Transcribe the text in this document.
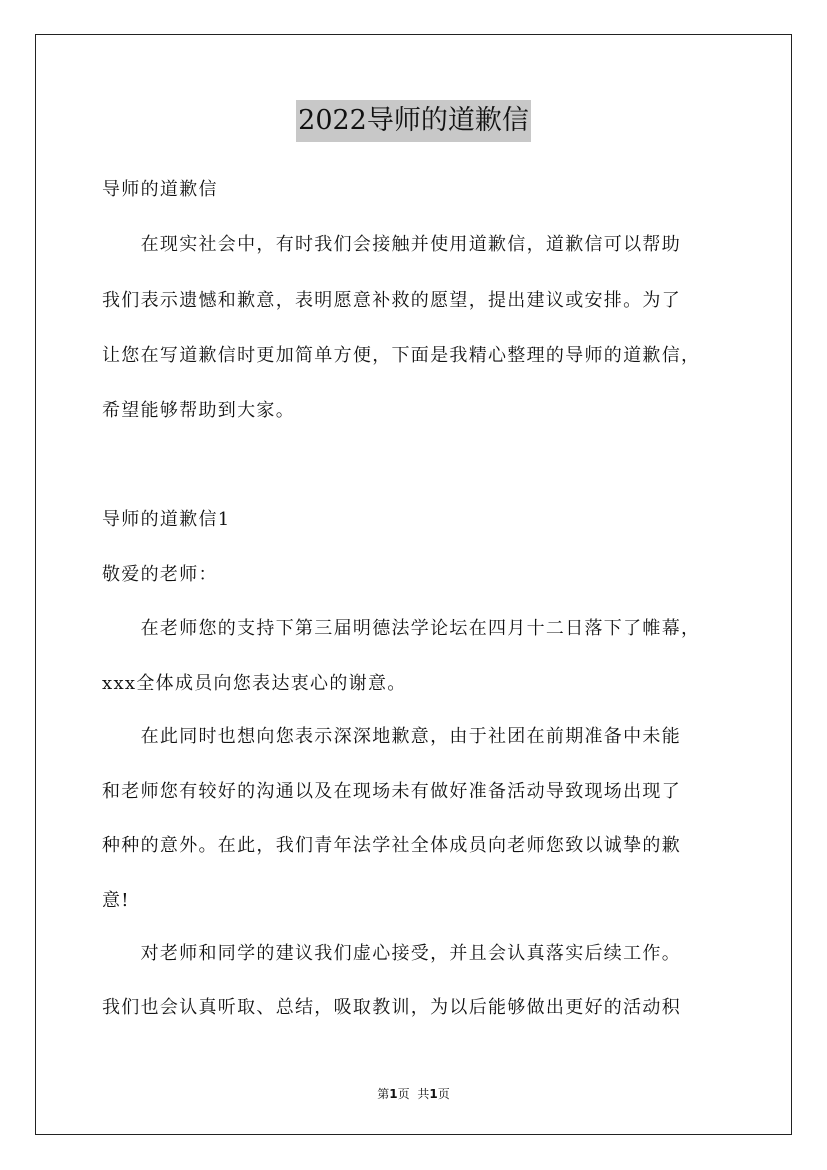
2022导师的道歉信
导师的道歉信
　　在现实社会中，有时我们会接触并使用道歉信，道歉信可以帮助
我们表示遗憾和歉意，表明愿意补救的愿望，提出建议或安排。为了
让您在写道歉信时更加简单方便，下面是我精心整理的导师的道歉信，
希望能够帮助到大家。
导师的道歉信1
敬爱的老师：
　　在老师您的支持下第三届明德法学论坛在四月十二日落下了帷幕，
xxx全体成员向您表达衷心的谢意。
　　在此同时也想向您表示深深地歉意，由于社团在前期准备中未能
和老师您有较好的沟通以及在现场未有做好准备活动导致现场出现了
种种的意外。在此，我们青年法学社全体成员向老师您致以诚挚的歉
意!
　　对老师和同学的建议我们虚心接受，并且会认真落实后续工作。
我们也会认真听取、总结，吸取教训，为以后能够做出更好的活动积
第1页 共1页
